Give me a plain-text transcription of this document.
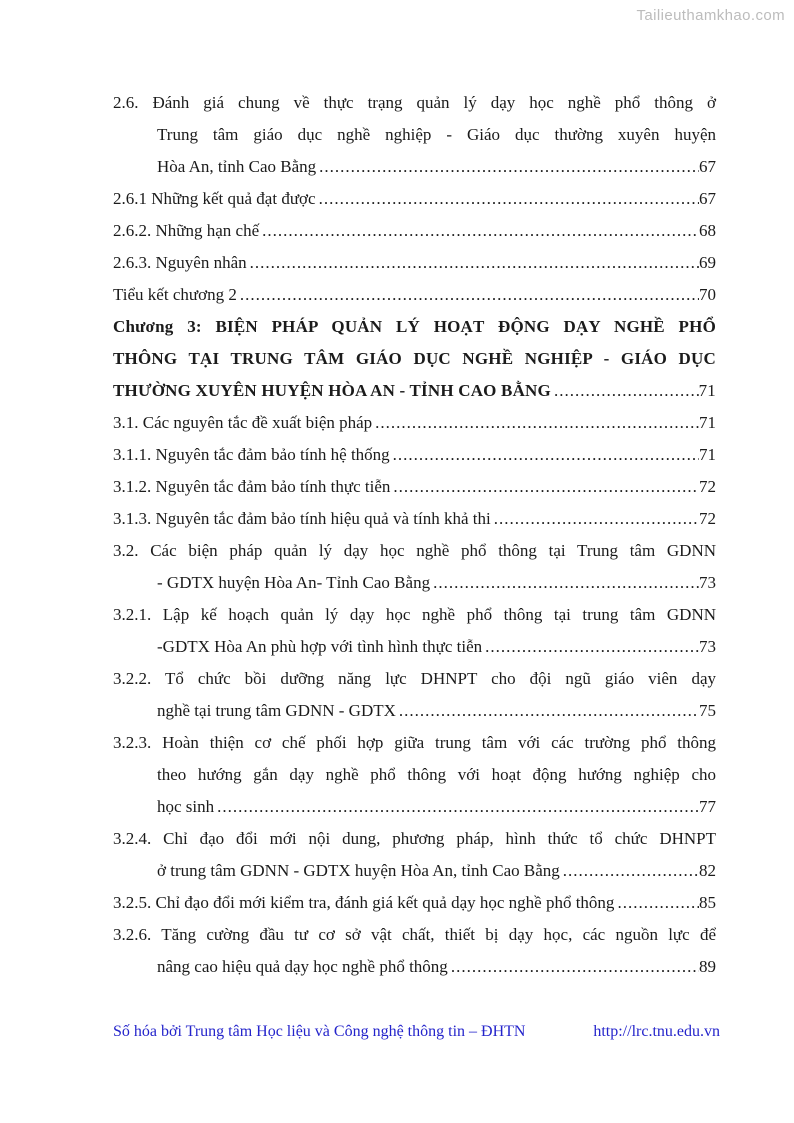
Tailieuthamkhao.com
2.6. Đánh giá chung về thực trạng quản lý dạy học nghề phổ thông ở
Trung tâm giáo dục nghề nghiệp - Giáo dục thường xuyên huyện
Hòa An, tỉnh Cao Bằng .....	67
2.6.1 Những kết quả đạt được .....	67
2.6.2. Những hạn chế .....	68
2.6.3. Nguyên nhân .....	69
Tiểu kết chương 2 .....	70
Chương 3: BIỆN PHÁP QUẢN LÝ HOẠT ĐỘNG DẠY NGHỀ PHỔ
THÔNG TẠI TRUNG TÂM GIÁO DỤC NGHỀ NGHIỆP - GIÁO DỤC
THƯỜNG XUYÊN HUYỆN HÒA AN - TỈNH CAO BẰNG .....	71
3.1. Các nguyên tắc đề xuất biện pháp .....	71
3.1.1. Nguyên tắc đảm bảo tính hệ thống .....	71
3.1.2. Nguyên tắc đảm bảo tính thực tiễn .....	72
3.1.3. Nguyên tắc đảm bảo tính hiệu quả và tính khả thi .....	72
3.2. Các biện pháp quản lý dạy học nghề phổ thông tại Trung tâm GDNN
- GDTX huyện Hòa An- Tỉnh Cao Bằng .....	73
3.2.1. Lập kế hoạch quản lý dạy học nghề phổ thông tại trung tâm GDNN
-GDTX Hòa An phù hợp với tình hình thực tiễn .....	73
3.2.2. Tổ chức bồi dưỡng năng lực DHNPT cho đội ngũ giáo viên dạy
nghề tại trung tâm GDNN - GDTX .....	75
3.2.3. Hoàn thiện cơ chế phối hợp giữa trung tâm với các trường phổ thông
theo hướng gắn dạy nghề phổ thông với hoạt động hướng nghiệp cho
học sinh .....	77
3.2.4. Chỉ đạo đổi mới nội dung, phương pháp, hình thức tổ chức DHNPT
ở trung tâm GDNN - GDTX huyện Hòa An, tỉnh Cao Bằng .....	82
3.2.5. Chỉ đạo đổi mới kiểm tra, đánh giá kết quả dạy học nghề phổ thông .....	85
3.2.6. Tăng cường đầu tư cơ sở vật chất, thiết bị dạy học, các nguồn lực để
nâng cao hiệu quả dạy học nghề phổ thông .....	89
Số hóa bởi Trung tâm Học liệu và Công nghệ thông tin – ĐHTN	http://lrc.tnu.edu.vn
